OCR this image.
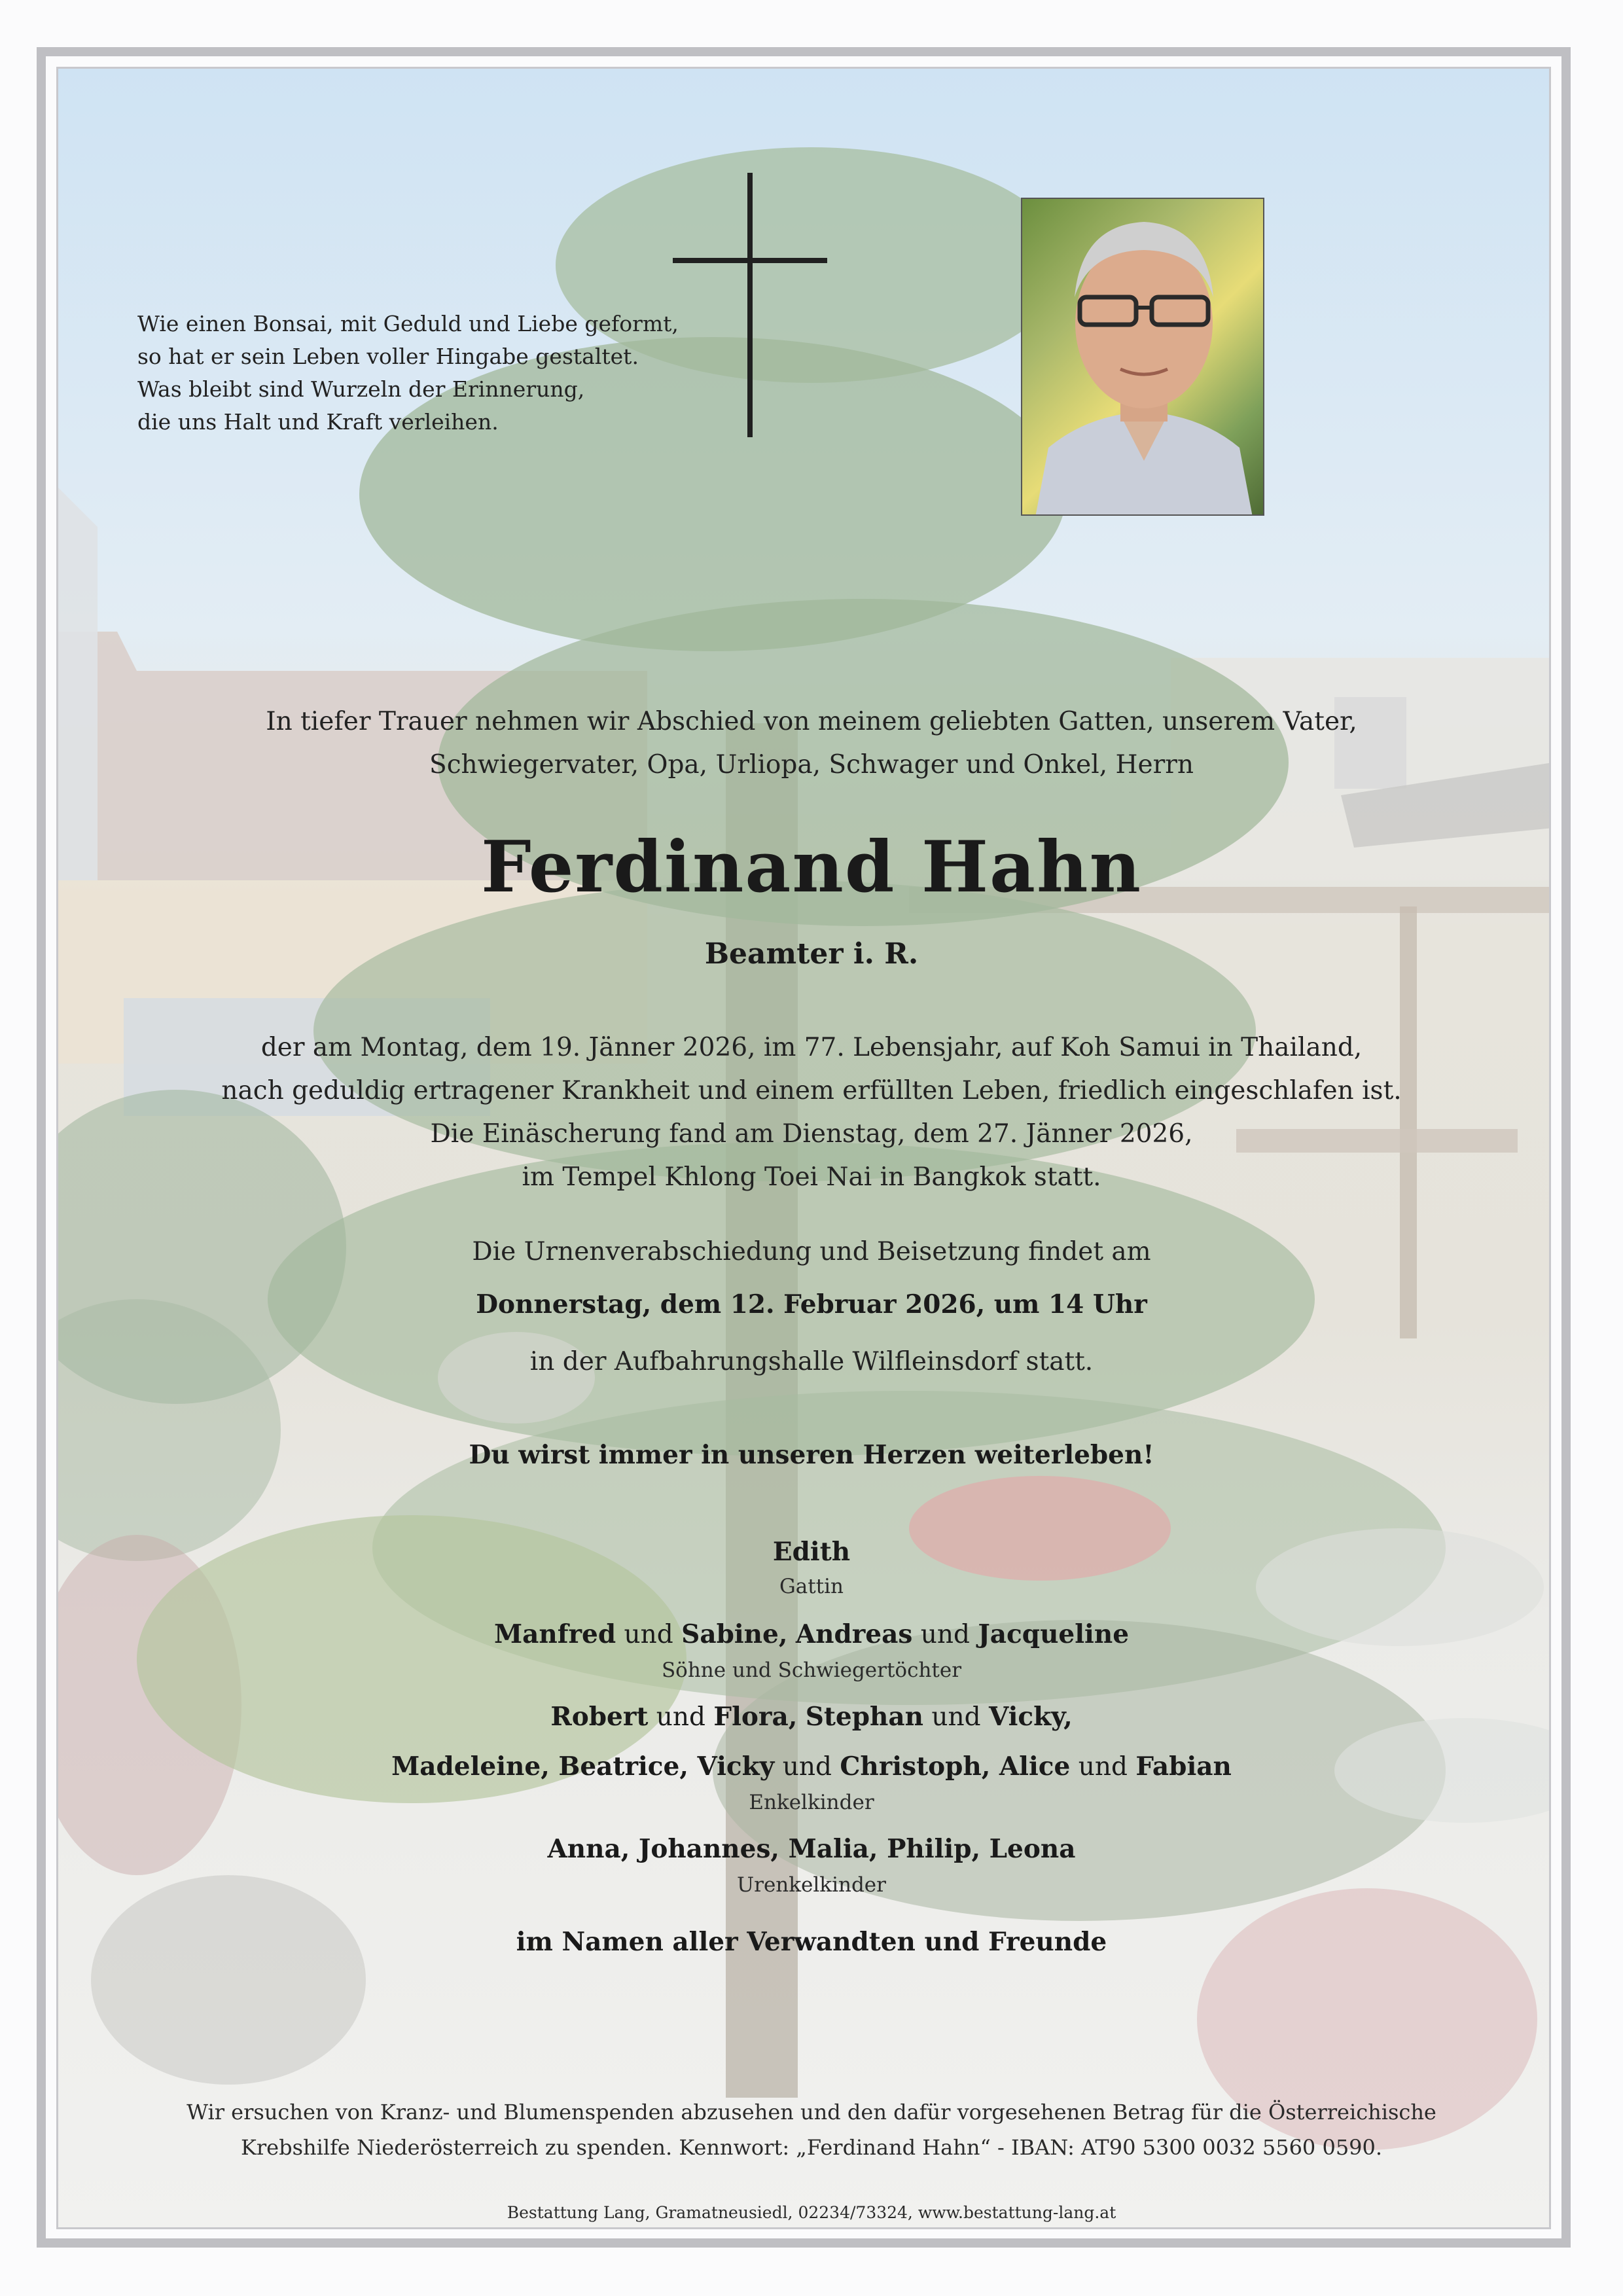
Wie einen Bonsai, mit Geduld und Liebe geformt,
so hat er sein Leben voller Hingabe gestaltet.
Was bleibt sind Wurzeln der Erinnerung,
die uns Halt und Kraft verleihen.
In tiefer Trauer nehmen wir Abschied von meinem geliebten Gatten, unserem Vater,
Schwiegervater, Opa, Urliopa, Schwager und Onkel, Herrn
Ferdinand Hahn
Beamter i. R.
der am Montag, dem 19. Jänner 2026, im 77. Lebensjahr, auf Koh Samui in Thailand,
nach geduldig ertragener Krankheit und einem erfüllten Leben, friedlich eingeschlafen ist.
Die Einäscherung fand am Dienstag, dem 27. Jänner 2026,
im Tempel Khlong Toei Nai in Bangkok statt.
Die Urnenverabschiedung und Beisetzung findet am
Donnerstag, dem 12. Februar 2026, um 14 Uhr
in der Aufbahrungshalle Wilfleinsdorf statt.
Du wirst immer in unseren Herzen weiterleben!
Edith
Gattin
Manfred und Sabine, Andreas und Jacqueline
Söhne und Schwiegertöchter
Robert und Flora, Stephan und Vicky,
Madeleine, Beatrice, Vicky und Christoph, Alice und Fabian
Enkelkinder
Anna, Johannes, Malia, Philip, Leona
Urenkelkinder
im Namen aller Verwandten und Freunde
Wir ersuchen von Kranz- und Blumenspenden abzusehen und den dafür vorgesehenen Betrag für die Österreichische
Krebshilfe Niederösterreich zu spenden. Kennwort: „Ferdinand Hahn“ - IBAN: AT90 5300 0032 5560 0590.
Bestattung Lang, Gramatneusiedl, 02234/73324, www.bestattung-lang.at
